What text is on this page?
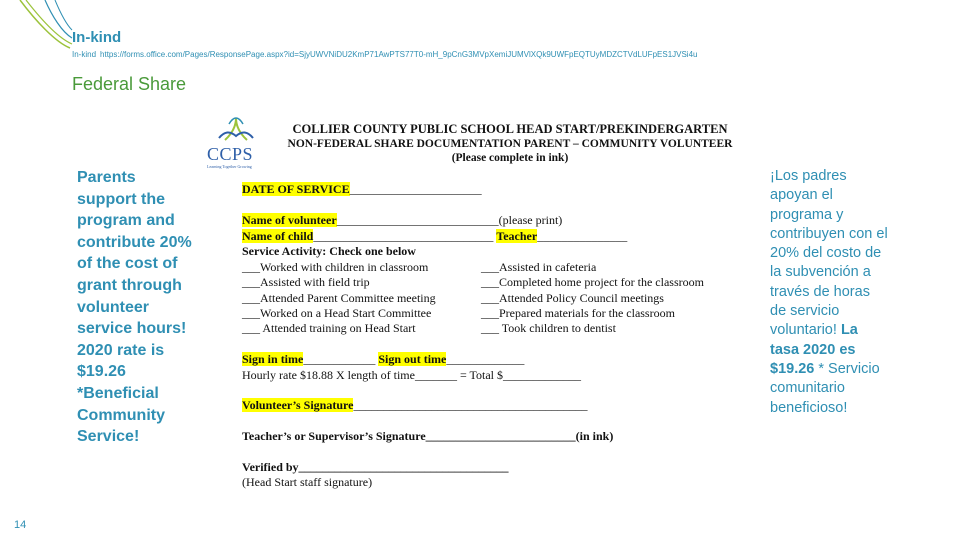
In-kind
In-kind https://forms.office.com/Pages/ResponsePage.aspx?id=SjyUWVNiDU2KmP71AwPTS77T0-mH_9pCnG3MVpXemiJUMVlXQk9UWFpEQTUyMDZCTVdLUFpES1JVSi4u
Federal Share
Parents support the program and contribute 20% of the cost of grant through volunteer service hours! 2020 rate is $19.26 *Beneficial Community Service!
¡Los padres apoyan el programa y contribuyen con el 20% del costo de la subvención a través de horas de servicio voluntario! La tasa 2020 es $19.26 * Servicio comunitario beneficioso!
CCPS
Learning Together Growing
COLLIER COUNTY PUBLIC SCHOOL HEAD START/PREKINDERGARTEN
NON-FEDERAL SHARE DOCUMENTATION PARENT – COMMUNITY VOLUNTEER
(Please complete in ink)
DATE OF SERVICE______________________
Name of volunteer___________________________(please print)
Name of child______________________________ Teacher_______________
Service Activity: Check one below
___Worked with children in classroom
___Assisted with field trip
___Attended Parent Committee meeting
___Worked on a Head Start Committee
___ Attended training on Head Start
___Assisted in cafeteria
___Completed home project for the classroom
___Attended Policy Council meetings
___Prepared materials for the classroom
___ Took children to dentist
Sign in time____________ Sign out time_____________
Hourly rate $18.88 X length of time_______ = Total $_____________
Volunteer’s Signature_______________________________________
Teacher’s or Supervisor’s Signature_________________________(in ink)
Verified by___________________________________
(Head Start staff signature)
14
